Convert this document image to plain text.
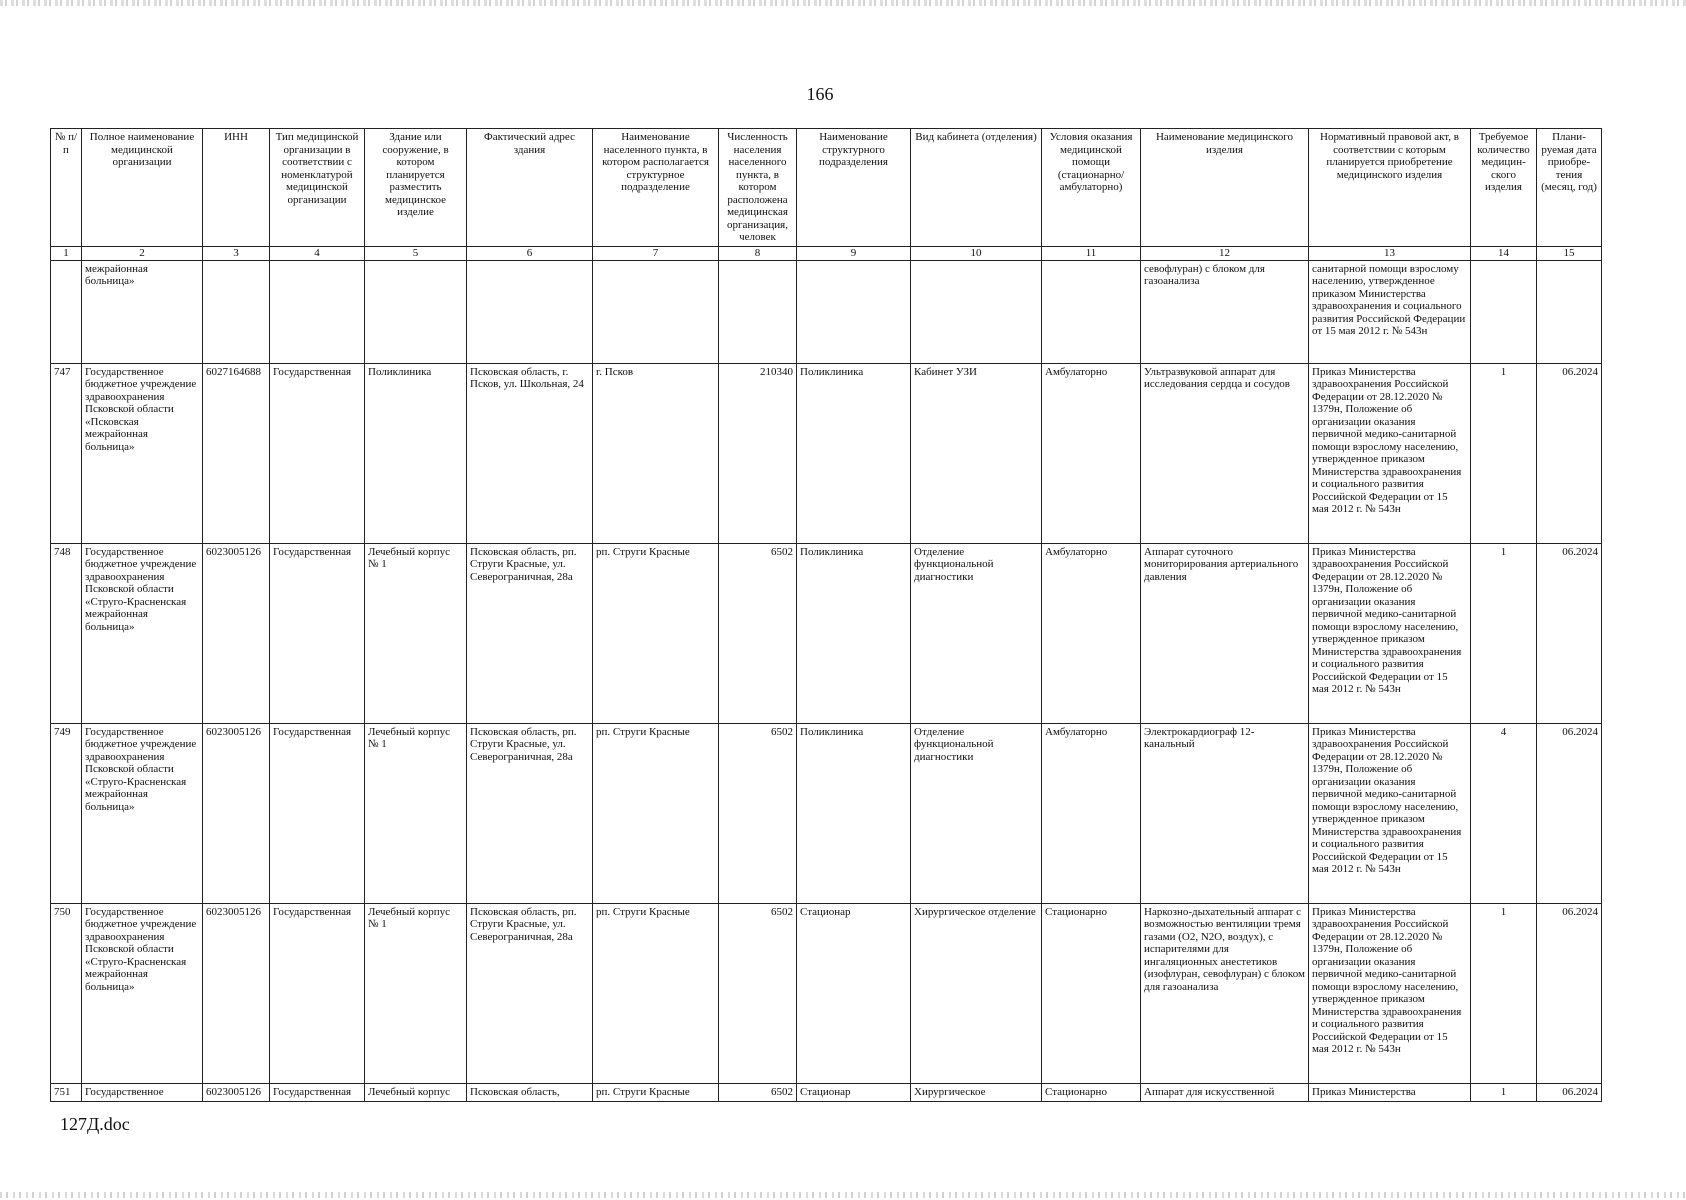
166
№ п/п	Полное наименование медицинской организации	ИНН	Тип медицинской организации в соответствии с номенклатурой медицинской организации	Здание или сооружение, в котором планируется разместить медицинское изделие	Фактический адрес здания	Наименование населенного пункта, в котором располагается структурное подразделение	Численность населения населенного пункта, в котором расположена медицинская организация, человек	Наименование структурного подразделения	Вид кабинета (отделения)	Условия оказания медицинской помощи (стационарно/ амбулаторно)	Наименование медицинского изделия	Нормативный правовой акт, в соответствии с которым планируется приобретение медицинского изделия	Требуемое количество медицин-ского изделия	Плани-руемая дата приобре-тения (месяц, год)
1	2	3	4	5	6	7	8	9	10	11	12	13	14	15
	межрайонная больница»										севофлуран) с блоком для газоанализа	санитарной помощи взрослому населению, утвержденное приказом Министерства здравоохранения и социального развития Российской Федерации от 15 мая 2012 г. № 543н		
747	Государственное бюджетное учреждение здравоохранения Псковской области «Псковская межрайонная больница»	6027164688	Государственная	Поликлиника	Псковская область, г. Псков, ул. Школьная, 24	г. Псков	210340	Поликлиника	Кабинет УЗИ	Амбулаторно	Ультразвуковой аппарат для исследования сердца и сосудов	Приказ Министерства здравоохранения Российской Федерации от 28.12.2020 № 1379н, Положение об организации оказания первичной медико-санитарной помощи взрослому населению, утвержденное приказом Министерства здравоохранения и социального развития Российской Федерации от 15 мая 2012 г. № 543н	1	06.2024
748	Государственное бюджетное учреждение здравоохранения Псковской области «Струго-Красненская межрайонная больница»	6023005126	Государственная	Лечебный корпус № 1	Псковская область, рп. Струги Красные, ул. Северограничная, 28а	рп. Струги Красные	6502	Поликлиника	Отделение функциональной диагностики	Амбулаторно	Аппарат суточного мониторирования артериального давления	Приказ Министерства здравоохранения Российской Федерации от 28.12.2020 № 1379н, Положение об организации оказания первичной медико-санитарной помощи взрослому населению, утвержденное приказом Министерства здравоохранения и социального развития Российской Федерации от 15 мая 2012 г. № 543н	1	06.2024
749	Государственное бюджетное учреждение здравоохранения Псковской области «Струго-Красненская межрайонная больница»	6023005126	Государственная	Лечебный корпус № 1	Псковская область, рп. Струги Красные, ул. Северограничная, 28а	рп. Струги Красные	6502	Поликлиника	Отделение функциональной диагностики	Амбулаторно	Электрокардиограф 12-канальный	Приказ Министерства здравоохранения Российской Федерации от 28.12.2020 № 1379н, Положение об организации оказания первичной медико-санитарной помощи взрослому населению, утвержденное приказом Министерства здравоохранения и социального развития Российской Федерации от 15 мая 2012 г. № 543н	4	06.2024
750	Государственное бюджетное учреждение здравоохранения Псковской области «Струго-Красненская межрайонная больница»	6023005126	Государственная	Лечебный корпус № 1	Псковская область, рп. Струги Красные, ул. Северограничная, 28а	рп. Струги Красные	6502	Стационар	Хирургическое отделение	Стационарно	Наркозно-дыхательный аппарат с возможностью вентиляции тремя газами (О2, N2O, воздух), с испарителями для ингаляционных анестетиков (изофлуран, севофлуран) с блоком для газоанализа	Приказ Министерства здравоохранения Российской Федерации от 28.12.2020 № 1379н, Положение об организации оказания первичной медико-санитарной помощи взрослому населению, утвержденное приказом Министерства здравоохранения и социального развития Российской Федерации от 15 мая 2012 г. № 543н	1	06.2024
751	Государственное	6023005126	Государственная	Лечебный корпус	Псковская область,	рп. Струги Красные	6502	Стационар	Хирургическое	Стационарно	Аппарат для искусственной	Приказ Министерства	1	06.2024
127Д.doc
